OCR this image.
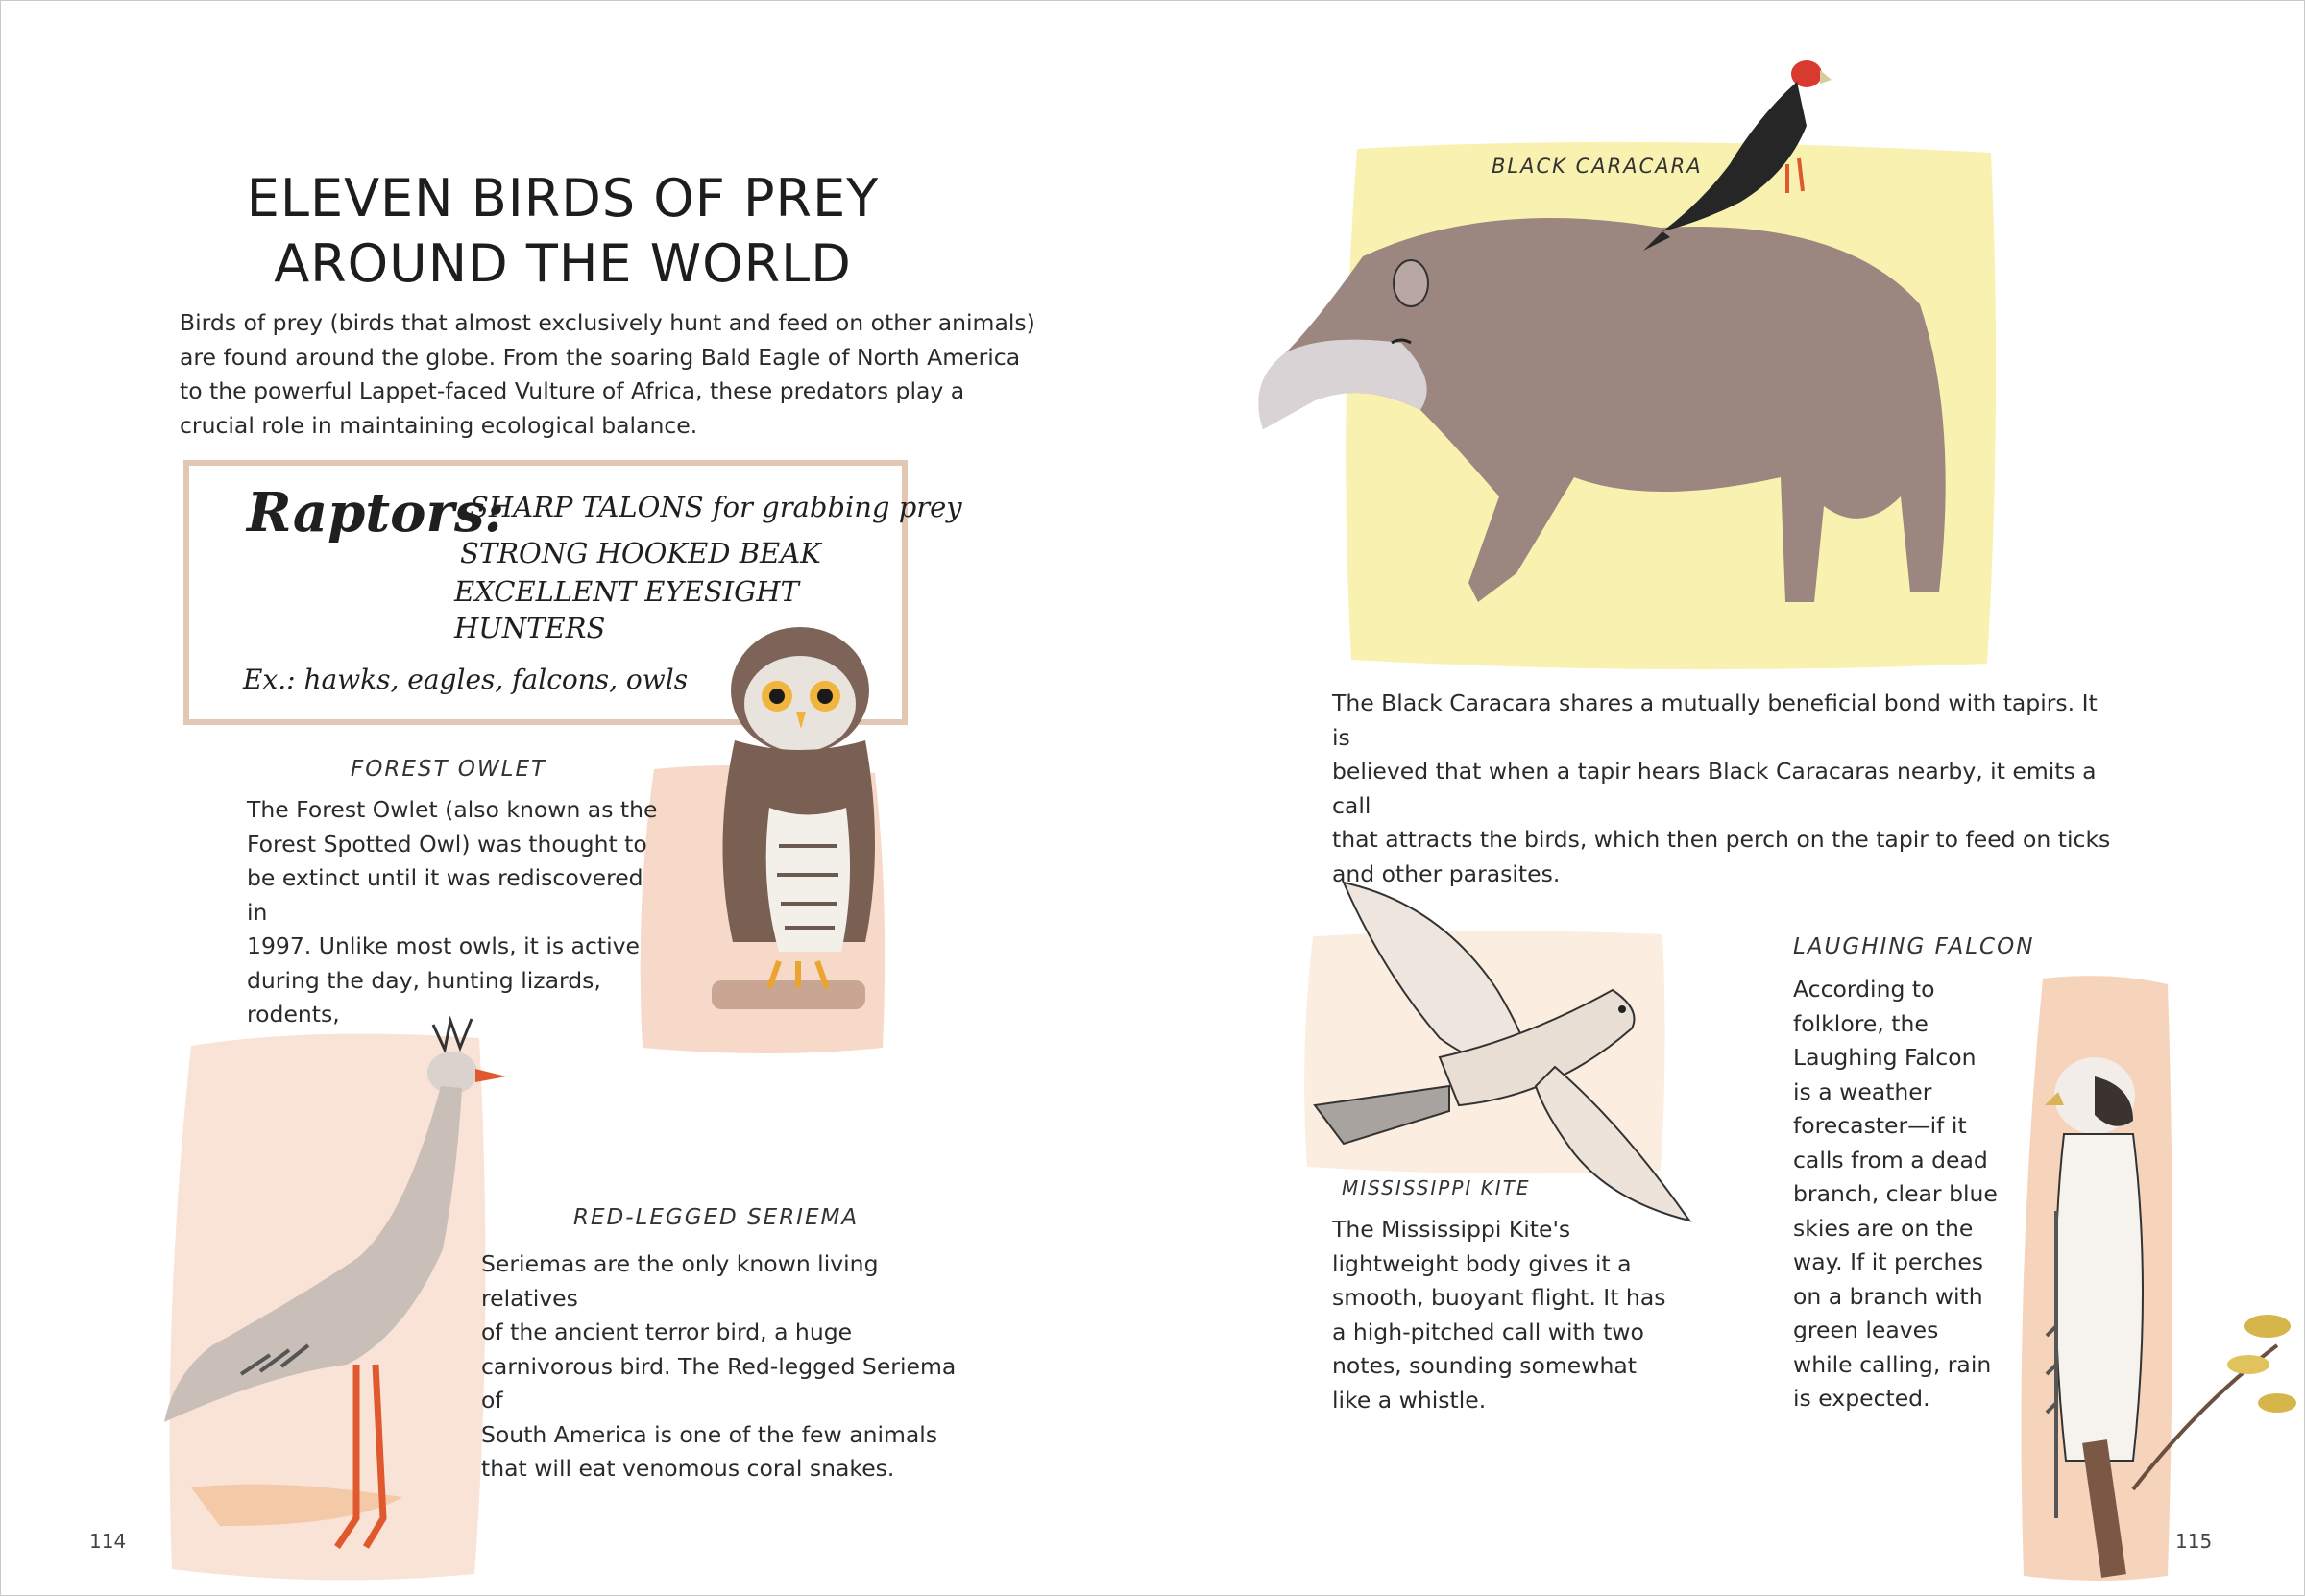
ELEVEN BIRDS OF PREY
AROUND THE WORLD
Birds of prey (birds that almost exclusively hunt and feed on other animals)
are found around the globe. From the soaring Bald Eagle of North America
to the powerful Lappet-faced Vulture of Africa, these predators play a
crucial role in maintaining ecological balance.
Raptors:
SHARP TALONS for grabbing prey
STRONG HOOKED BEAK
EXCELLENT EYESIGHT
HUNTERS
Ex.: hawks, eagles, falcons, owls
FOREST OWLET
The Forest Owlet (also known as the
Forest Spotted Owl) was thought to
be extinct until it was rediscovered in
1997. Unlike most owls, it is active
during the day, hunting lizards, rodents,

RED-LEGGED SERIEMA
Seriemas are the only known living relatives
of the ancient terror bird, a huge
carnivorous bird. The Red-legged Seriema of
South America is one of the few animals
that will eat venomous coral snakes.
114
BLACK CARACARA
The Black Caracara shares a mutually beneficial bond with tapirs. It is
believed that when a tapir hears Black Caracaras nearby, it emits a call
that attracts the birds, which then perch on the tapir to feed on ticks
and other parasites.
MISSISSIPPI KITE
The Mississippi Kite's
lightweight body gives it a
smooth, buoyant flight. It has
a high-pitched call with two
notes, sounding somewhat
like a whistle.
LAUGHING FALCON
According to
folklore, the
Laughing Falcon
is a weather
forecaster—if it
calls from a dead
branch, clear blue
skies are on the
way. If it perches
on a branch with
green leaves
while calling, rain
is expected.
115
